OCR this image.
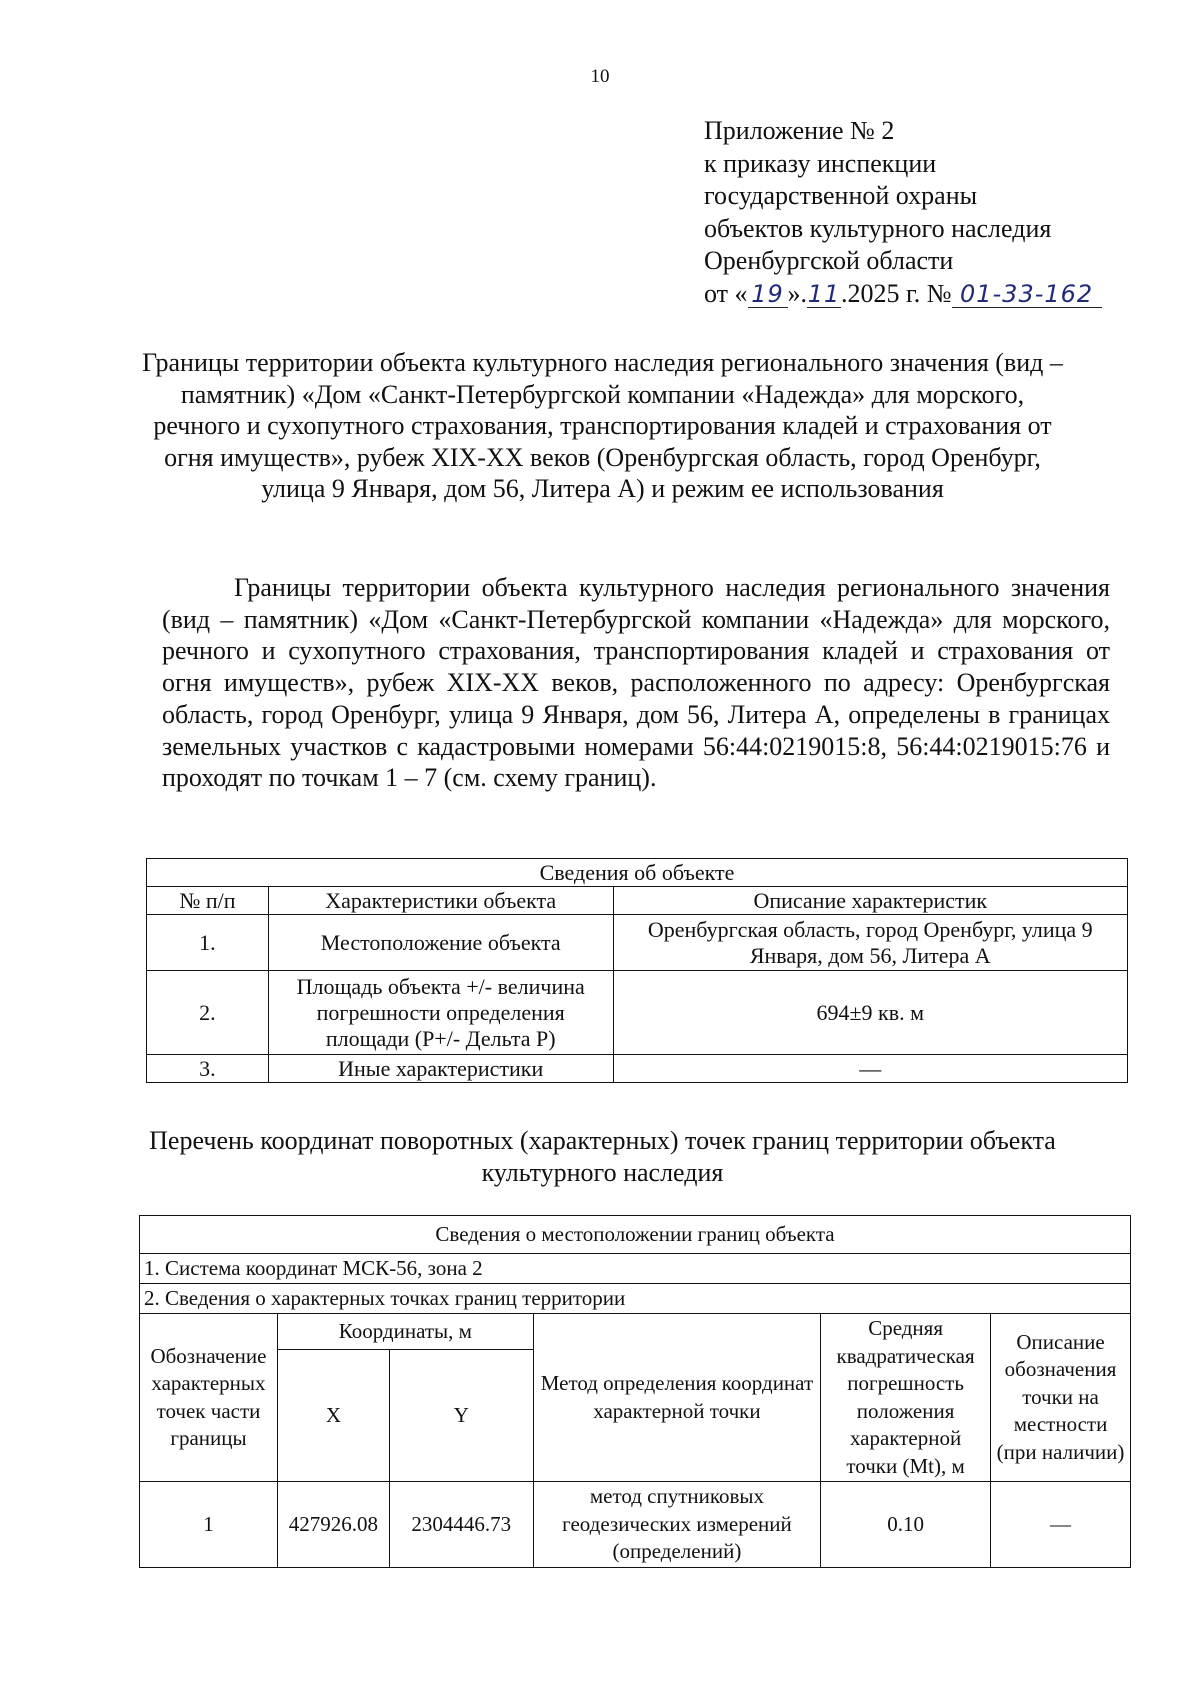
10
Приложение № 2
к приказу инспекции
государственной охраны
объектов культурного наследия
Оренбургской области
от « 19 ».11.2025 г. № 01-33-162
Границы территории объекта культурного наследия регионального значения (вид – памятник) «Дом «Санкт-Петербургской компании «Надежда» для морского, речного и сухопутного страхования, транспортирования кладей и страхования от огня имуществ», рубеж XIX-XX веков (Оренбургская область, город Оренбург, улица 9 Января, дом 56, Литера А) и режим ее использования
Границы территории объекта культурного наследия регионального значения (вид – памятник) «Дом «Санкт-Петербургской компании «Надежда» для морского, речного и сухопутного страхования, транспортирования кладей и страхования от огня имуществ», рубеж XIX-XX веков, расположенного по адресу: Оренбургская область, город Оренбург, улица 9 Января, дом 56, Литера А, определены в границах земельных участков с кадастровыми номерами 56:44:0219015:8, 56:44:0219015:76 и проходят по точкам 1 – 7 (см. схему границ).
Сведения об объекте		
№ п/п	Характеристики объекта	Описание характеристик
1.	Местоположение объекта	Оренбургская область, город Оренбург, улица 9 Января, дом 56, Литера А
2.	Площадь объекта +/- величина погрешности определения площади (P+/- Дельта P)	694±9 кв. м
3.	Иные характеристики	—
Перечень координат поворотных (характерных) точек границ территории объекта культурного наследия
Сведения о местоположении границ объекта					
1. Система координат МСК-56, зона 2					
2. Сведения о характерных точках границ территории					
Обозначение характерных точек части границы	Координаты, м		Метод определения координат характерной точки	Средняя квадратическая погрешность положения характерной точки (Mt), м	Описание обозначения точки на местности (при наличии)
	X	Y			
1	427926.08	2304446.73	метод спутниковых геодезических измерений (определений)	0.10	—
